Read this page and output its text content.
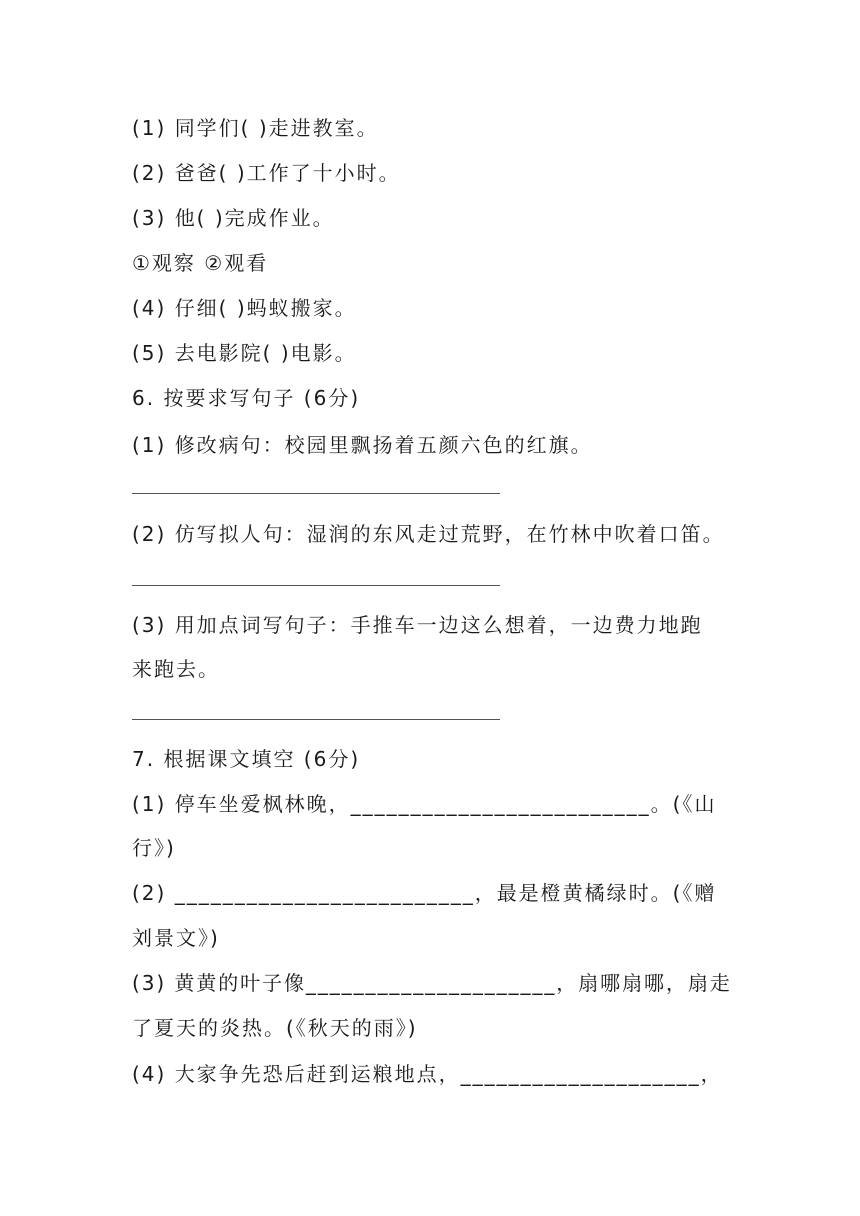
(1) 同学们( )走进教室。
(2) 爸爸( )工作了十小时。
(3) 他( )完成作业。
①观察 ②观看
(4) 仔细( )蚂蚁搬家。
(5) 去电影院( )电影。
6. 按要求写句子 (6分)
(1) 修改病句：校园里飘扬着五颜六色的红旗。
(2) 仿写拟人句：湿润的东风走过荒野，在竹林中吹着口笛。
(3) 用加点词写句子：手推车一边这么想着，一边费力地跑
来跑去。
7. 根据课文填空 (6分)
(1) 停车坐爱枫林晚，_________________________。(《山
行》)
(2) _________________________，最是橙黄橘绿时。(《赠
刘景文》)
(3) 黄黄的叶子像_____________________，扇哪扇哪，扇走
了夏天的炎热。(《秋天的雨》)
(4) 大家争先恐后赶到运粮地点，____________________，
